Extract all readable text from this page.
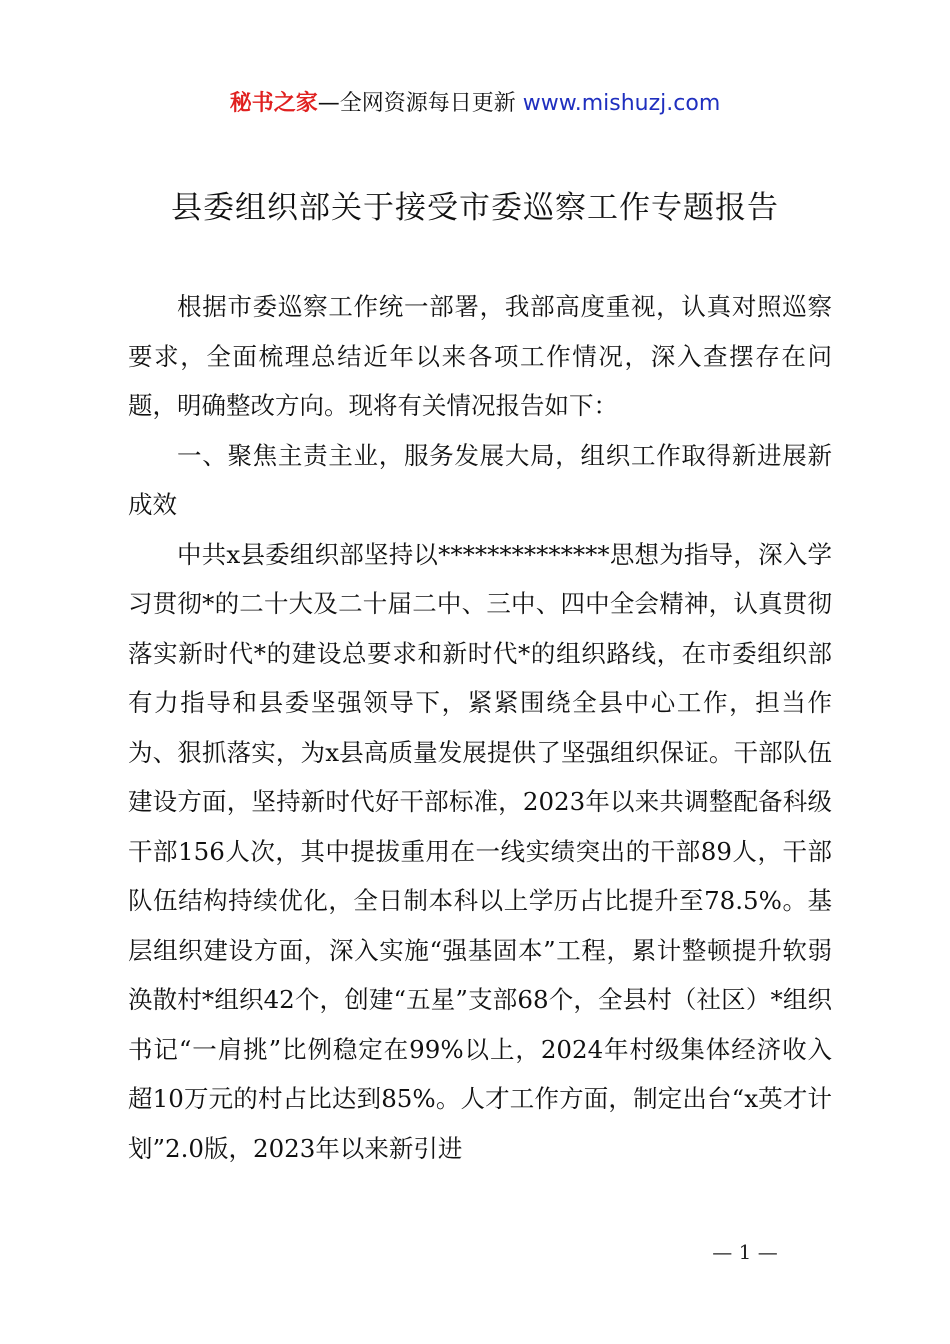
秘书之家—全网资源每日更新 www.mishuzj.com
县委组织部关于接受市委巡察工作专题报告

根据市委巡察工作统一部署，我部高度重视，认真对照巡察要求，全面梳理总结近年以来各项工作情况，深入查摆存在问题，明确整改方向。现将有关情况报告如下：

一、聚焦主责主业，服务发展大局，组织工作取得新进展新成效

中共x县委组织部坚持以**************思想为指导，深入学习贯彻*的二十大及二十届二中、三中、四中全会精神，认真贯彻落实新时代*的建设总要求和新时代*的组织路线，在市委组织部有力指导和县委坚强领导下，紧紧围绕全县中心工作，担当作为、狠抓落实，为x县高质量发展提供了坚强组织保证。干部队伍建设方面，坚持新时代好干部标准，2023年以来共调整配备科级干部156人次，其中提拔重用在一线实绩突出的干部89人，干部队伍结构持续优化，全日制本科以上学历占比提升至78.5%。基层组织建设方面，深入实施“强基固本”工程，累计整顿提升软弱涣散村*组织42个，创建“五星”支部68个，全县村（社区）*组织书记“一肩挑”比例稳定在99%以上，2024年村级集体经济收入超10万元的村占比达到85%。人才工作方面，制定出台“x英才计划”2.0版，2023年以来新引进

— 1 —
